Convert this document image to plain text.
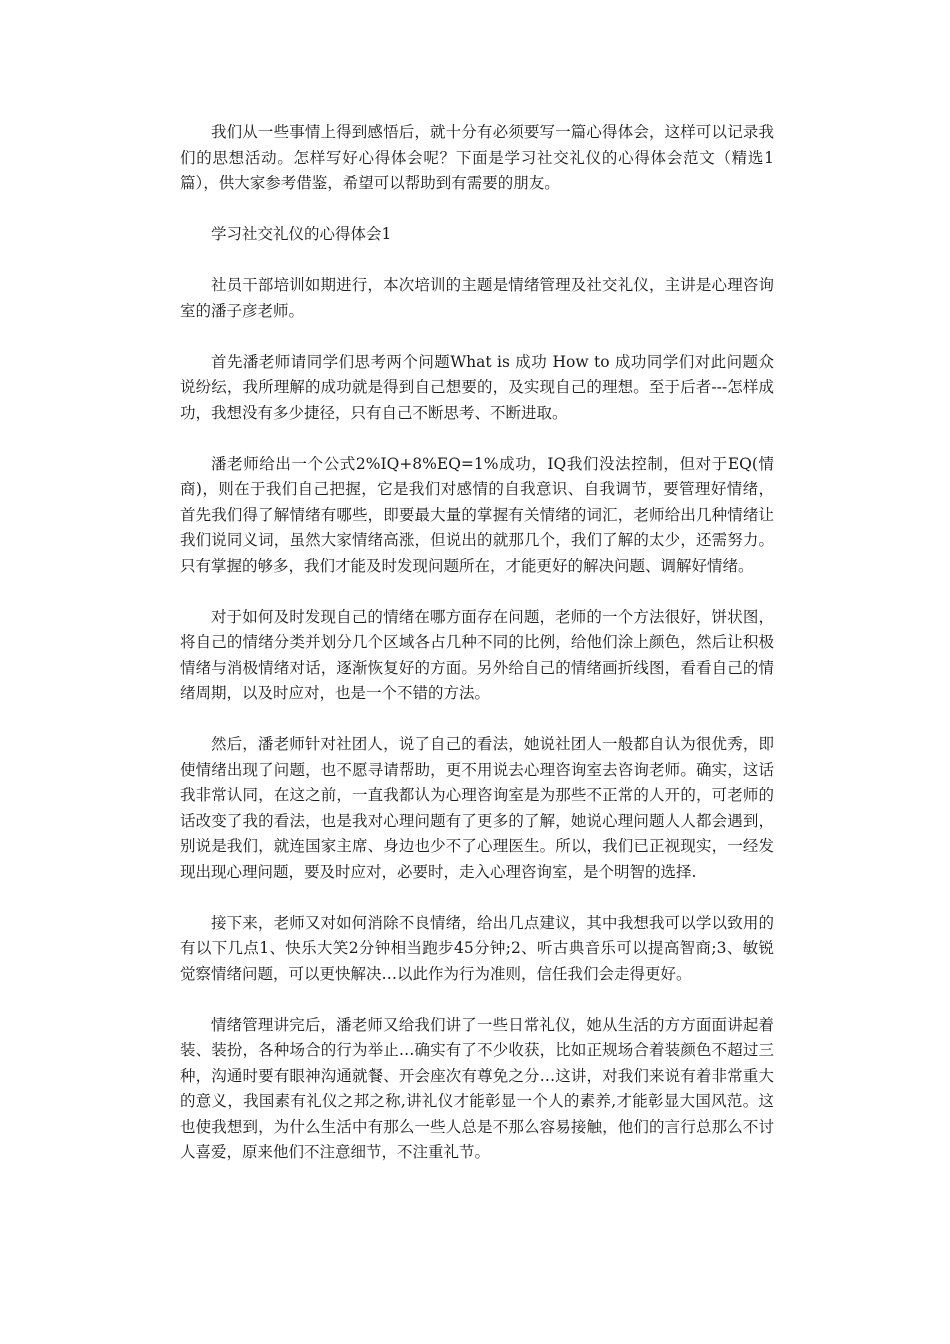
我们从一些事情上得到感悟后，就十分有必须要写一篇心得体会，这样可以记录我们的思想活动。怎样写好心得体会呢？下面是学习社交礼仪的心得体会范文（精选1篇），供大家参考借鉴，希望可以帮助到有需要的朋友。

学习社交礼仪的心得体会1

社员干部培训如期进行，本次培训的主题是情绪管理及社交礼仪，主讲是心理咨询室的潘子彦老师。

首先潘老师请同学们思考两个问题What is 成功 How to 成功同学们对此问题众说纷纭，我所理解的成功就是得到自己想要的，及实现自己的理想。至于后者---怎样成功，我想没有多少捷径，只有自己不断思考、不断进取。

潘老师给出一个公式2%IQ+8%EQ=1%成功，IQ我们没法控制，但对于EQ(情商)，则在于我们自己把握，它是我们对感情的自我意识、自我调节，要管理好情绪，首先我们得了解情绪有哪些，即要最大量的掌握有关情绪的词汇，老师给出几种情绪让我们说同义词，虽然大家情绪高涨，但说出的就那几个，我们了解的太少，还需努力。只有掌握的够多，我们才能及时发现问题所在，才能更好的解决问题、调解好情绪。

对于如何及时发现自己的情绪在哪方面存在问题，老师的一个方法很好，饼状图，将自己的情绪分类并划分几个区域各占几种不同的比例，给他们涂上颜色，然后让积极情绪与消极情绪对话，逐渐恢复好的方面。另外给自己的情绪画折线图，看看自己的情绪周期，以及时应对，也是一个不错的方法。

然后，潘老师针对社团人，说了自己的看法，她说社团人一般都自认为很优秀，即使情绪出现了问题，也不愿寻请帮助，更不用说去心理咨询室去咨询老师。确实，这话我非常认同，在这之前，一直我都认为心理咨询室是为那些不正常的人开的，可老师的话改变了我的看法，也是我对心理问题有了更多的了解，她说心理问题人人都会遇到，别说是我们，就连国家主席、身边也少不了心理医生。所以，我们已正视现实，一经发现出现心理问题，要及时应对，必要时，走入心理咨询室，是个明智的选择.

接下来，老师又对如何消除不良情绪，给出几点建议，其中我想我可以学以致用的有以下几点1、快乐大笑2分钟相当跑步45分钟;2、听古典音乐可以提高智商;3、敏锐觉察情绪问题，可以更快解决…以此作为行为准则，信任我们会走得更好。

情绪管理讲完后，潘老师又给我们讲了一些日常礼仪，她从生活的方方面面讲起着装、装扮，各种场合的行为举止…确实有了不少收获，比如正规场合着装颜色不超过三种，沟通时要有眼神沟通就餐、开会座次有尊免之分…这讲，对我们来说有着非常重大的意义，我国素有礼仪之邦之称,讲礼仪才能彰显一个人的素养,才能彰显大国风范。这也使我想到，为什么生活中有那么一些人总是不那么容易接触，他们的言行总那么不讨人喜爱，原来他们不注意细节，不注重礼节。
